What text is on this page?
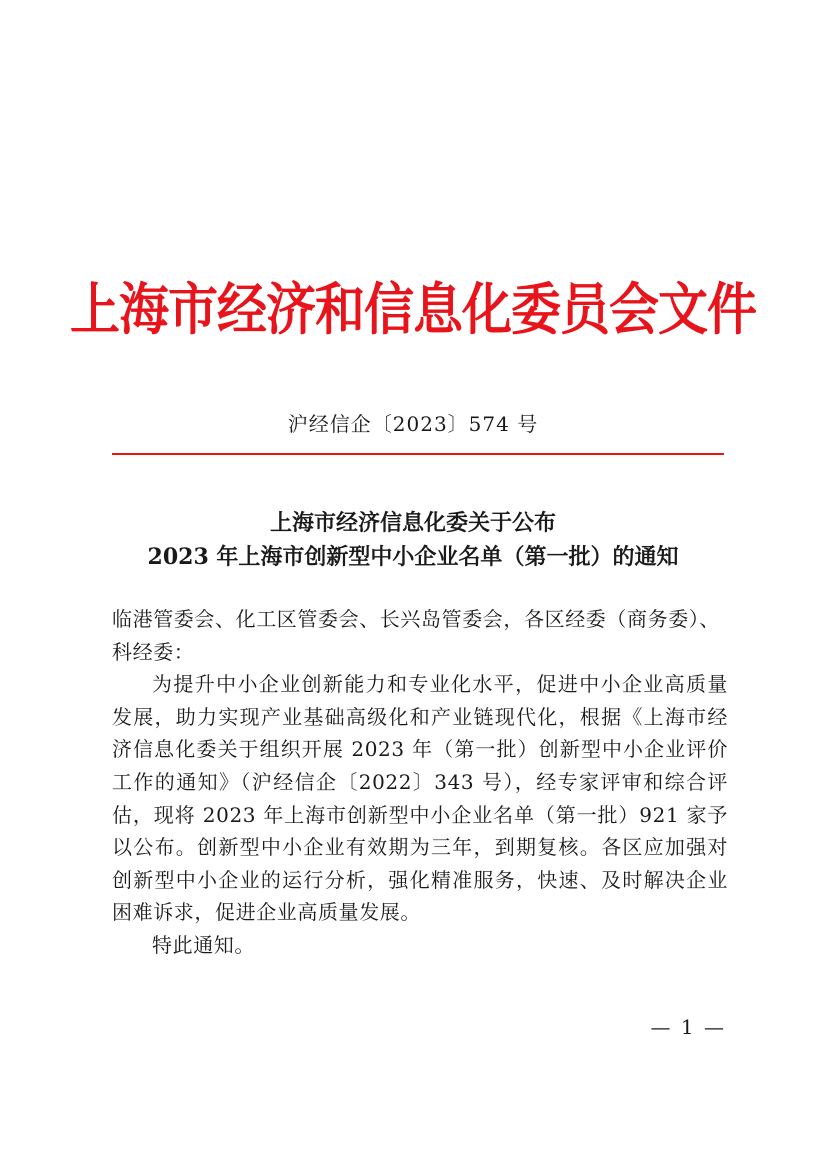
上海市经济和信息化委员会文件
沪经信企〔2023〕574 号
上海市经济信息化委关于公布
2023 年上海市创新型中小企业名单（第一批）的通知

临港管委会、化工区管委会、长兴岛管委会，各区经委（商务委）、科经委：

为提升中小企业创新能力和专业化水平，促进中小企业高质量发展，助力实现产业基础高级化和产业链现代化，根据《上海市经济信息化委关于组织开展 2023 年（第一批）创新型中小企业评价工作的通知》（沪经信企〔2022〕343 号），经专家评审和综合评估，现将 2023 年上海市创新型中小企业名单（第一批）921 家予以公布。创新型中小企业有效期为三年，到期复核。各区应加强对创新型中小企业的运行分析，强化精准服务，快速、及时解决企业困难诉求，促进企业高质量发展。

特此通知。

— 1 —
